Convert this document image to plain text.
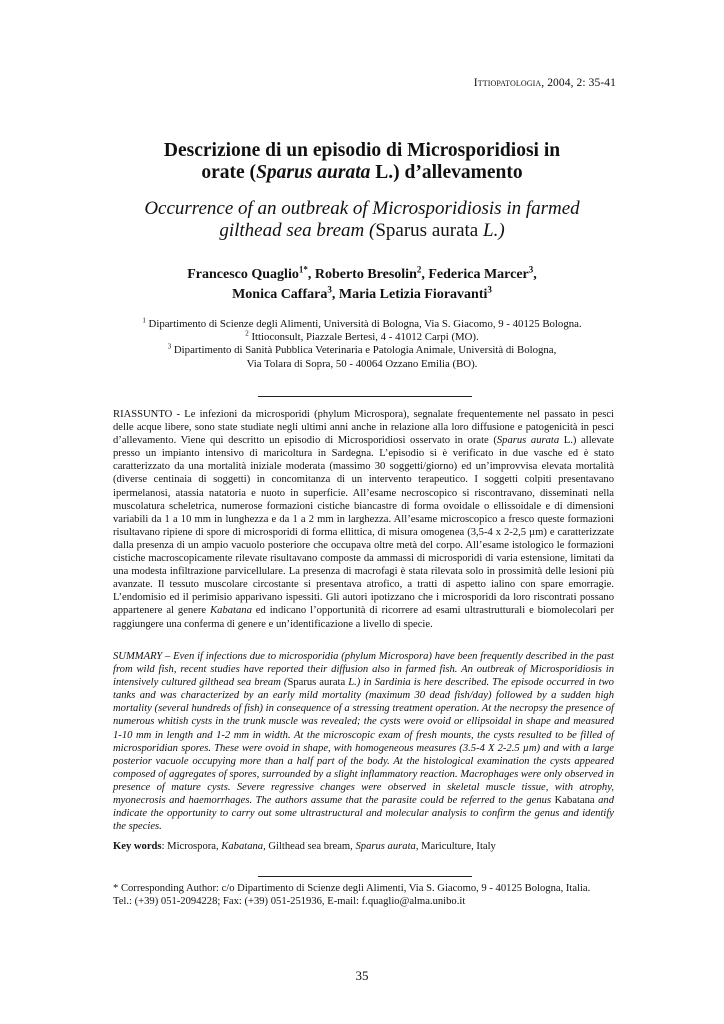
Ittiopatologia, 2004, 2: 35-41
Descrizione di un episodio di Microsporidiosi in
orate (Sparus aurata L.) d’allevamento
Occurrence of an outbreak of Microsporidiosis in farmed
gilthead sea bream (Sparus aurata L.)
Francesco Quaglio$^{1*}$, Roberto Bresolin$^2$, Federica Marcer$^3$,
Monica Caffara$^3$, Maria Letizia Fioravanti$^3$
$^1$ Dipartimento di Scienze degli Alimenti, Università di Bologna, Via S. Giacomo, 9 - 40125 Bologna.
$^2$ Ittioconsult, Piazzale Bertesi, 4 - 41012 Carpi (MO).
$^3$ Dipartimento di Sanità Pubblica Veterinaria e Patologia Animale, Università di Bologna,
Via Tolara di Sopra, 50 - 40064 Ozzano Emilia (BO).

RIASSUNTO - Le infezioni da microsporidi (phylum Microspora), segnalate frequentemente nel passato in pesci delle acque libere, sono state studiate negli ultimi anni anche in relazione alla loro diffusione e patogenicità in pesci d’allevamento. Viene qui descritto un episodio di Microsporidiosi osservato in orate (Sparus aurata L.) allevate presso un impianto intensivo di maricoltura in Sardegna. L’episodio si è verificato in due vasche ed è stato caratterizzato da una mortalità iniziale moderata (massimo 30 soggetti/giorno) ed un’improvvisa elevata mortalità (diverse centinaia di soggetti) in concomitanza di un intervento terapeutico. I soggetti colpiti presentavano ipermelanosi, atassia natatoria e nuoto in superficie. All’esame necroscopico si riscontravano, disseminati nella muscolatura scheletrica, numerose formazioni cistiche biancastre di forma ovoidale o ellissoidale e di dimensioni variabili da 1 a 10 mm in lunghezza e da 1 a 2 mm in larghezza. All’esame microscopico a fresco queste formazioni risultavano ripiene di spore di microsporidi di forma ellittica, di misura omogenea (3,5-4 x 2-2,5 µm) e caratterizzate dalla presenza di un ampio vacuolo posteriore che occupava oltre metà del corpo. All’esame istologico le formazioni cistiche macroscopicamente rilevate risultavano composte da ammassi di microsporidi di varia estensione, limitati da una modesta infiltrazione parvicellulare. La presenza di macrofagi è stata rilevata solo in prossimità delle lesioni più avanzate. Il tessuto muscolare circostante si presentava atrofico, a tratti di aspetto ialino con spare emorragie. L’endomisio ed il perimisio apparivano ispessiti. Gli autori ipotizzano che i microsporidi da loro riscontrati possano appartenere al genere Kabatana ed indicano l’opportunità di ricorrere ad esami ultrastrutturali e biomolecolari per raggiungere una conferma di genere e un’identificazione a livello di specie.

SUMMARY – Even if infections due to microsporidia (phylum Microspora) have been frequently described in the past from wild fish, recent studies have reported their diffusion also in farmed fish. An outbreak of Microsporidiosis in intensively cultured gilthead sea bream (Sparus aurata L.) in Sardinia is here described. The episode occurred in two tanks and was characterized by an early mild mortality (maximum 30 dead fish/day) followed by a sudden high mortality (several hundreds of fish) in consequence of a stressing treatment operation. At the necropsy the presence of numerous whitish cysts in the trunk muscle was revealed; the cysts were ovoid or ellipsoidal in shape and measured 1-10 mm in length and 1-2 mm in width. At the microscopic exam of fresh mounts, the cysts resulted to be filled of microsporidian spores. These were ovoid in shape, with homogeneous measures (3.5-4 X 2-2.5 µm) and with a large posterior vacuole occupying more than a half part of the body. At the histological examination the cysts appeared composed of aggregates of spores, surrounded by a slight inflammatory reaction. Macrophages were only observed in presence of mature cysts. Severe regressive changes were observed in skeletal muscle tissue, with atrophy, myonecrosis and haemorrhages. The authors assume that the parasite could be referred to the genus Kabatana and indicate the opportunity to carry out some ultrastructural and molecular analysis to confirm the genus and identify the species.

Key words: Microspora, Kabatana, Gilthead sea bream, Sparus aurata, Mariculture, Italy

* Corresponding Author: c/o Dipartimento di Scienze degli Alimenti, Via S. Giacomo, 9 - 40125 Bologna, Italia.
Tel.: (+39) 051-2094228; Fax: (+39) 051-251936, E-mail: f.quaglio@alma.unibo.it
35
